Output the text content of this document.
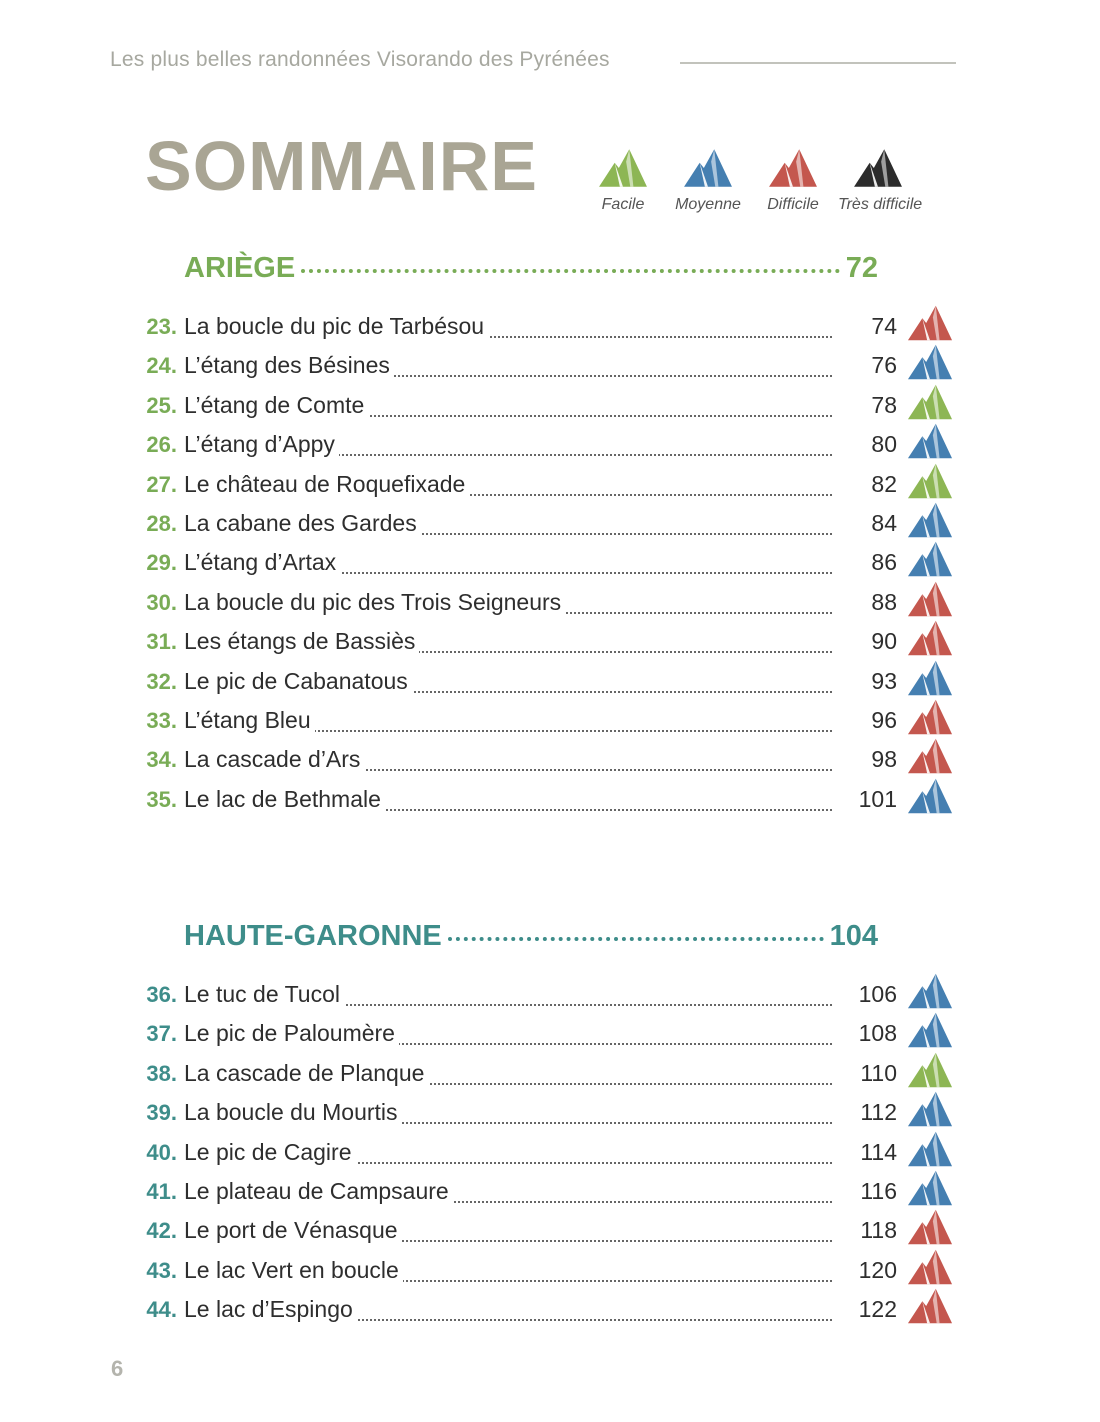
Les plus belles randonnées Visorando des Pyrénées
SOMMAIRE	Facile	Moyenne	Difficile	Très difficile
ARIÈGE	72
23. La boucle du pic de Tarbésou	74
24. L’étang des Bésines	76
25. L’étang de Comte	78
26. L’étang d’Appy	80
27. Le château de Roquefixade	82
28. La cabane des Gardes	84
29. L’étang d’Artax	86
30. La boucle du pic des Trois Seigneurs	88
31. Les étangs de Bassiès	90
32. Le pic de Cabanatous	93
33. L’étang Bleu	96
34. La cascade d’Ars	98
35. Le lac de Bethmale	101
HAUTE-GARONNE	104
36. Le tuc de Tucol	106
37. Le pic de Paloumère	108
38. La cascade de Planque	110
39. La boucle du Mourtis	112
40. Le pic de Cagire	114
41. Le plateau de Campsaure	116
42. Le port de Vénasque	118
43. Le lac Vert en boucle	120
44. Le lac d’Espingo	122
6
